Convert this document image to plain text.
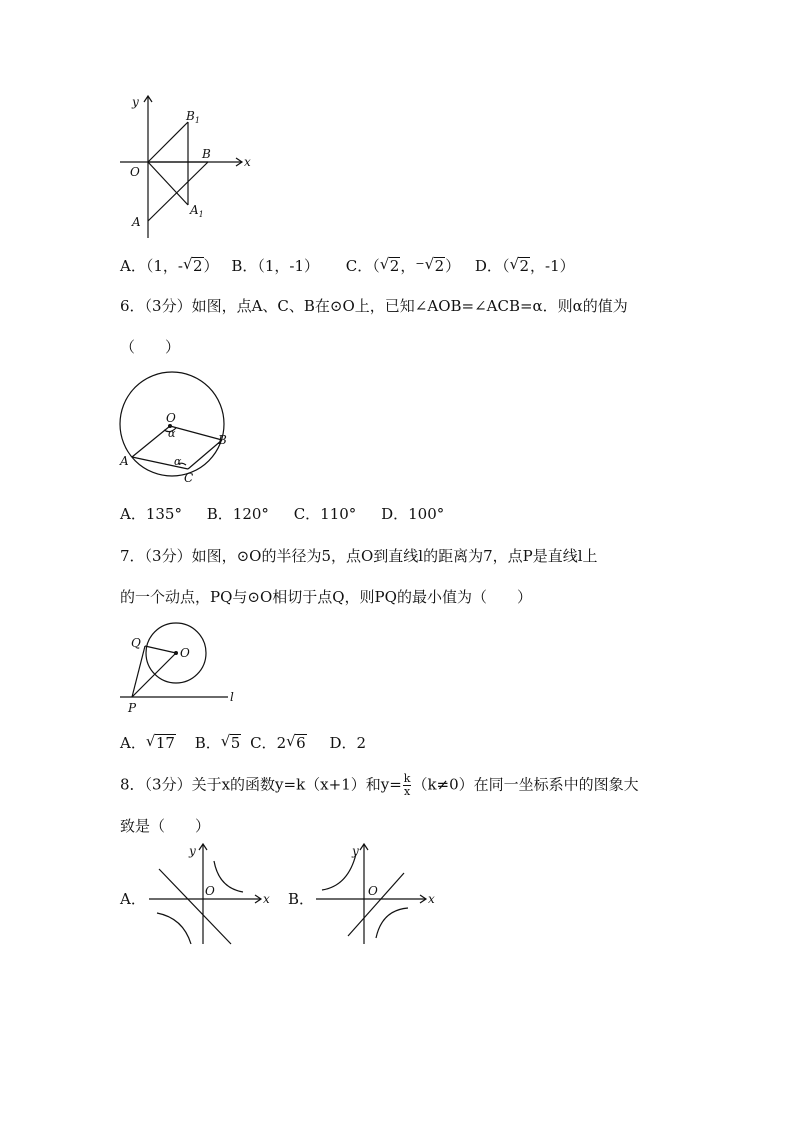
y
x
O
A
B
$B_1$
$A_1$
A．（1，- √ 2） B．（1，-1） C．（ √ 2，− √ 2） D．（ √ 2，-1）
6．（3分）如图，点A、C、B在⊙O上，已知∠AOB=∠ACB=α．则α的值为
（　　）
O
α
A
B
C
α
A．135° B．120° C．110° D．100°
7．（3分）如图，⊙O的半径为5，点O到直线l的距离为7，点P是直线l上
的一个动点，PQ与⊙O相切于点Q，则PQ的最小值为（　　）
Q
O
P
l
A． √ 17 B． √ 5 C．2 √ 6 D．2
8．（3分）关于x的函数y=k（x+1）和$y= \frac{k}{x} (k\ne 0)$在同一坐标系中的图象大
致是（　　）
A．
y
x
O	B．
y
x
O
